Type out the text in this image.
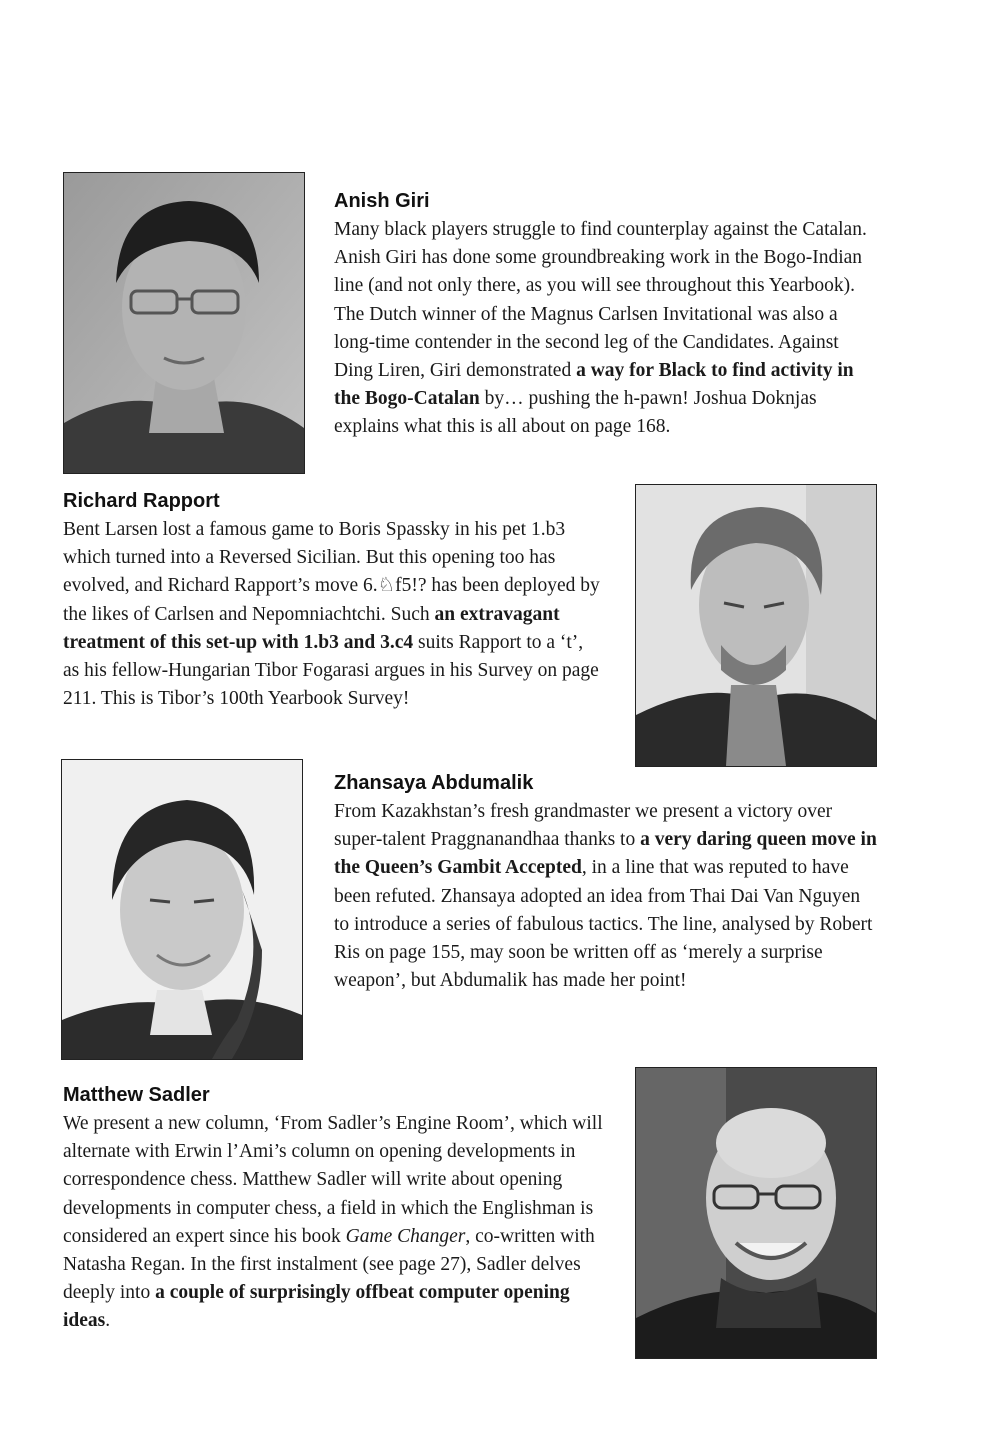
Anish Giri

Many black players struggle to find counterplay against the Catalan. Anish Giri has done some groundbreaking work in the Bogo-Indian line (and not only there, as you will see throughout this Yearbook). The Dutch winner of the Magnus Carlsen Invitational was also a long-time contender in the second leg of the Candidates. Against Ding Liren, Giri demonstrated a way for Black to find activity in the Bogo-Catalan by… pushing the h-pawn! Joshua Doknjas explains what this is all about on page 168.

Richard Rapport

Bent Larsen lost a famous game to Boris Spassky in his pet 1.b3 which turned into a Reversed Sicilian. But this opening too has evolved, and Richard Rapport’s move 6.♘f5!? has been deployed by the likes of Carlsen and Nepomniachtchi. Such an extravagant treatment of this set-up with 1.b3 and 3.c4 suits Rapport to a ‘t’, as his fellow-Hungarian Tibor Fogarasi argues in his Survey on page 211. This is Tibor’s 100th Yearbook Survey!

Zhansaya Abdumalik

From Kazakhstan’s fresh grandmaster we present a victory over super-talent Praggnanandhaa thanks to a very daring queen move in the Queen’s Gambit Accepted, in a line that was reputed to have been refuted. Zhansaya adopted an idea from Thai Dai Van Nguyen to introduce a series of fabulous tactics. The line, analysed by Robert Ris on page 155, may soon be written off as ‘merely a surprise weapon’, but Abdumalik has made her point!

Matthew Sadler

We present a new column, ‘From Sadler’s Engine Room’, which will alternate with Erwin l’Ami’s column on opening developments in correspondence chess. Matthew Sadler will write about opening developments in computer chess, a field in which the Englishman is considered an expert since his book Game Changer, co-written with Natasha Regan. In the first instalment (see page 27), Sadler delves deeply into a couple of surprisingly offbeat computer opening ideas.
